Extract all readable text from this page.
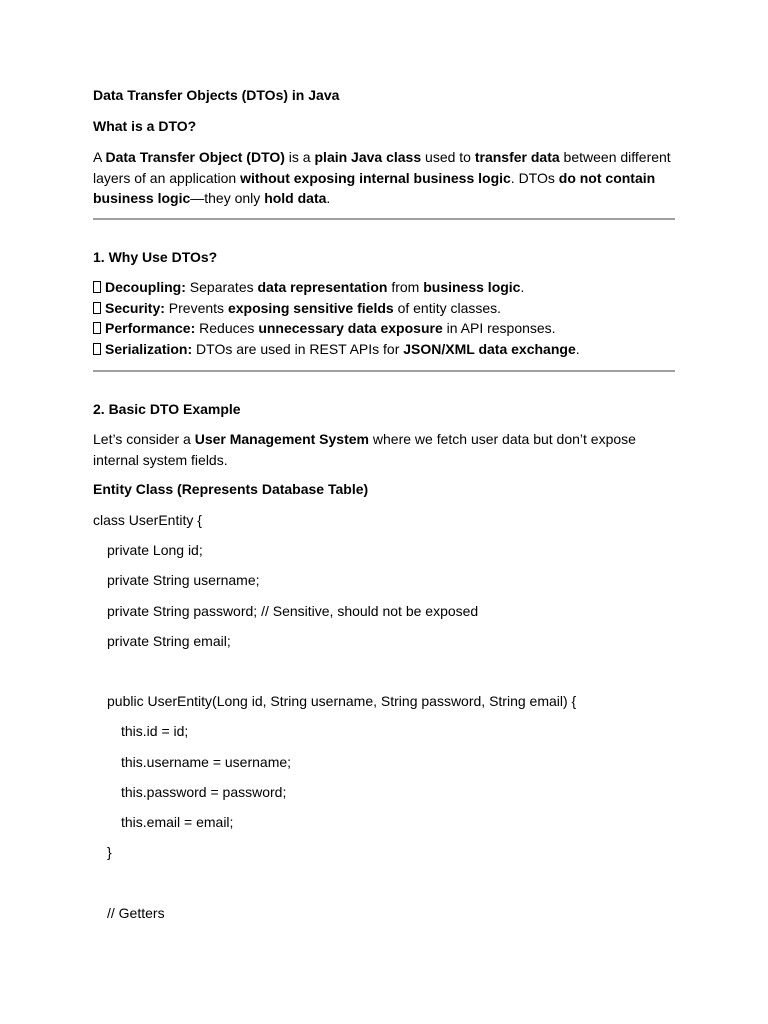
Data Transfer Objects (DTOs) in Java
What is a DTO?
A Data Transfer Object (DTO) is a plain Java class used to transfer data between different layers of an application without exposing internal business logic. DTOs do not contain business logic—they only hold data.
1. Why Use DTOs?
Decoupling: Separates data representation from business logic.
Security: Prevents exposing sensitive fields of entity classes.
Performance: Reduces unnecessary data exposure in API responses.
Serialization: DTOs are used in REST APIs for JSON/XML data exchange.
2. Basic DTO Example
Let’s consider a User Management System where we fetch user data but don’t expose internal system fields.
Entity Class (Represents Database Table)
class UserEntity {
private Long id;
private String username;
private String password; // Sensitive, should not be exposed
private String email;
public UserEntity(Long id, String username, String password, String email) {
this.id = id;
this.username = username;
this.password = password;
this.email = email;
}
// Getters
